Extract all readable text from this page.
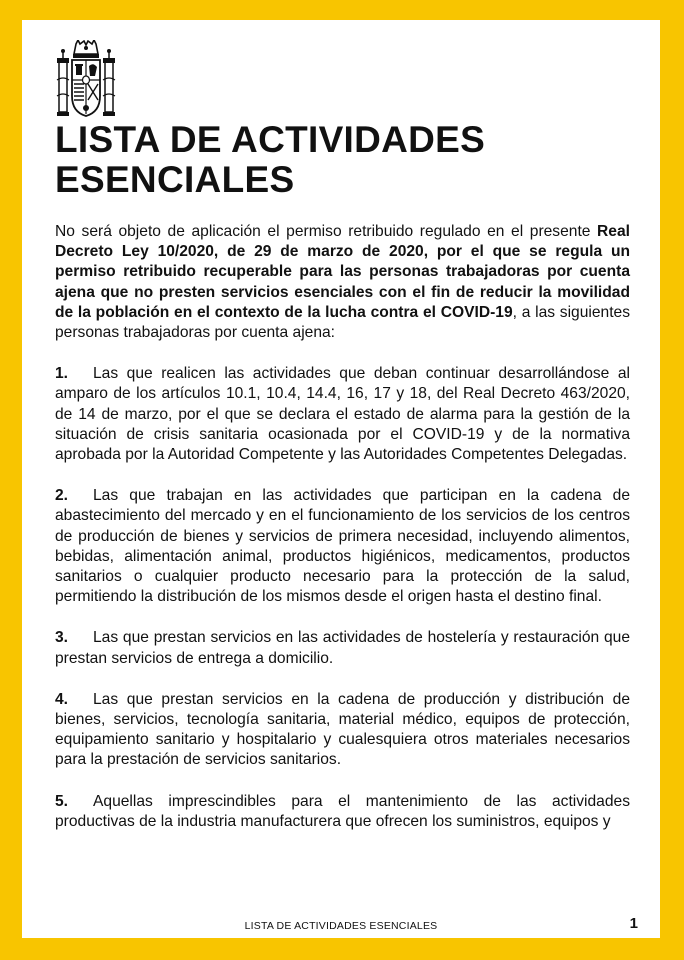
LISTA DE ACTIVIDADES ESENCIALES

No será objeto de aplicación el permiso retribuido regulado en el presente Real Decreto Ley 10/2020, de 29 de marzo de 2020, por el que se regula un permiso retribuido recuperable para las personas trabajadoras por cuenta ajena que no presten servicios esenciales con el fin de reducir la movilidad de la población en el contexto de la lucha contra el COVID-19, a las siguientes personas trabajadoras por cuenta ajena:

1. Las que realicen las actividades que deban continuar desarrollándose al amparo de los artículos 10.1, 10.4, 14.4, 16, 17 y 18, del Real Decreto 463/2020, de 14 de marzo, por el que se declara el estado de alarma para la gestión de la situación de crisis sanitaria ocasionada por el COVID-19 y de la normativa aprobada por la Autoridad Competente y las Autoridades Competentes Delegadas.

2. Las que trabajan en las actividades que participan en la cadena de abastecimiento del mercado y en el funcionamiento de los servicios de los centros de producción de bienes y servicios de primera necesidad, incluyendo alimentos, bebidas, alimentación animal, productos higiénicos, medicamentos, productos sanitarios o cualquier producto necesario para la protección de la salud, permitiendo la distribución de los mismos desde el origen hasta el destino final.

3. Las que prestan servicios en las actividades de hostelería y restauración que prestan servicios de entrega a domicilio.

4. Las que prestan servicios en la cadena de producción y distribución de bienes, servicios, tecnología sanitaria, material médico, equipos de protección, equipamiento sanitario y hospitalario y cualesquiera otros materiales necesarios para la prestación de servicios sanitarios.

5. Aquellas imprescindibles para el mantenimiento de las actividades productivas de la industria manufacturera que ofrecen los suministros, equipos y

LISTA DE ACTIVIDADES ESENCIALES	1
